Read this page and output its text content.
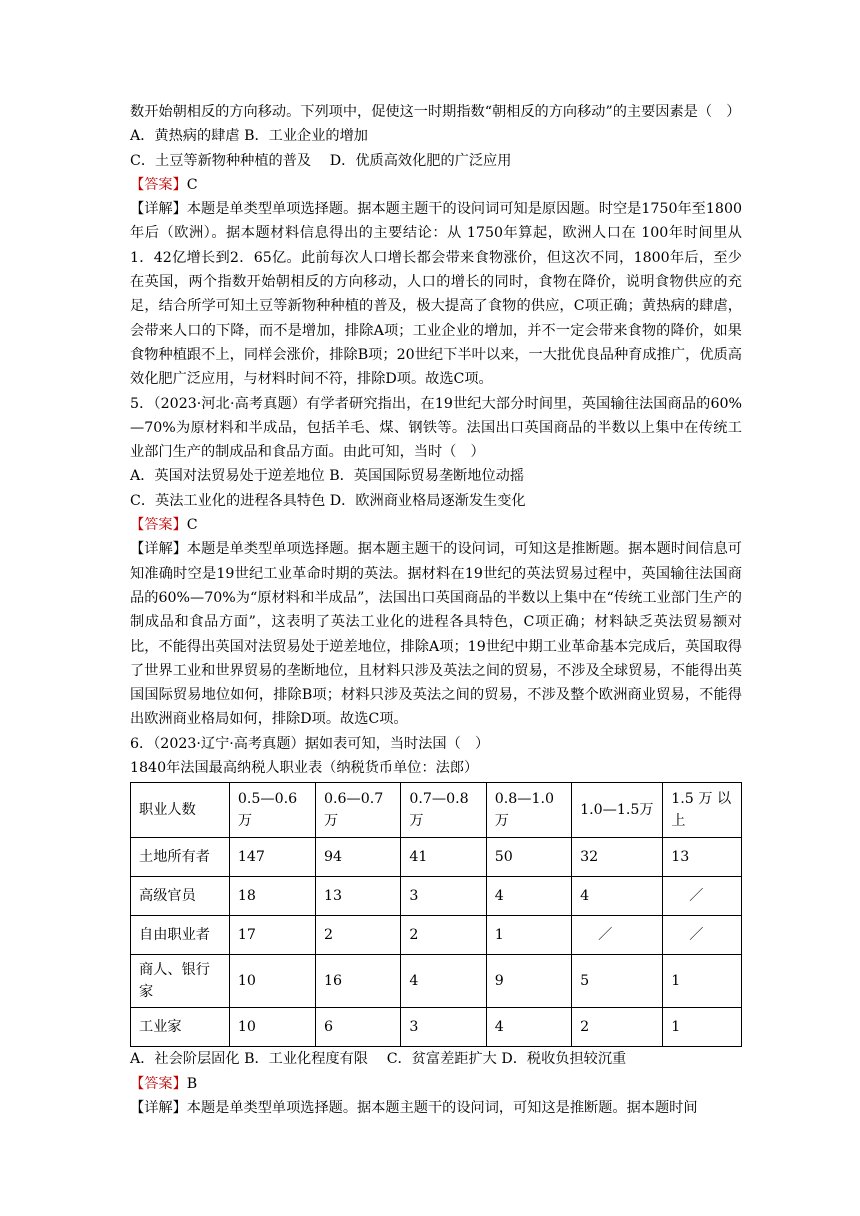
数开始朝相反的方向移动。下列项中，促使这一时期指数“朝相反的方向移动”的主要因素是（　）

A．黄热病的肆虐 B．工业企业的增加

C．土豆等新物种种植的普及　 D．优质高效化肥的广泛应用

【答案】C

【详解】本题是单类型单项选择题。据本题主题干的设问词可知是原因题。时空是1750年至1800年后（欧洲）。据本题材料信息得出的主要结论：从 1750年算起，欧洲人口在 100年时间里从1．42亿增长到2．65亿。此前每次人口增长都会带来食物涨价，但这次不同，1800年后，至少在英国，两个指数开始朝相反的方向移动，人口的增长的同时，食物在降价，说明食物供应的充足，结合所学可知土豆等新物种种植的普及，极大提高了食物的供应，C项正确；黄热病的肆虐，会带来人口的下降，而不是增加，排除A项；工业企业的增加，并不一定会带来食物的降价，如果食物种植跟不上，同样会涨价，排除B项；20世纪下半叶以来，一大批优良品种育成推广，优质高效化肥广泛应用，与材料时间不符，排除D项。故选C项。

5．（2023·河北·高考真题）有学者研究指出，在19世纪大部分时间里，英国输往法国商品的60%—70%为原材料和半成品，包括羊毛、煤、钢铁等。法国出口英国商品的半数以上集中在传统工业部门生产的制成品和食品方面。由此可知，当时（　）

A．英国对法贸易处于逆差地位 B．英国国际贸易垄断地位动摇

C．英法工业化的进程各具特色 D．欧洲商业格局逐渐发生变化

【答案】C

【详解】本题是单类型单项选择题。据本题主题干的设问词，可知这是推断题。据本题时间信息可知准确时空是19世纪工业革命时期的英法。据材料在19世纪的英法贸易过程中，英国输往法国商品的60%—70%为“原材料和半成品”，法国出口英国商品的半数以上集中在“传统工业部门生产的制成品和食品方面”，这表明了英法工业化的进程各具特色，C项正确；材料缺乏英法贸易额对比，不能得出英国对法贸易处于逆差地位，排除A项；19世纪中期工业革命基本完成后，英国取得了世界工业和世界贸易的垄断地位，且材料只涉及英法之间的贸易，不涉及全球贸易，不能得出英国国际贸易地位如何，排除B项；材料只涉及英法之间的贸易，不涉及整个欧洲商业贸易，不能得出欧洲商业格局如何，排除D项。故选C项。

6．（2023·辽宁·高考真题）据如表可知，当时法国（　）

1840年法国最高纳税人职业表（纳税货币单位：法郎）

职业人数	0.5—0.6万	0.6—0.7万	0.7—0.8万	0.8—1.0万	1.0—1.5万	1.5 万 以上
土地所有者	147	94	41	50	32	13
高级官员	18	13	3	4	4	／
自由职业者	17	2	2	1	／	／
商人、银行家	10	16	4	9	5	1
工业家	10	6	3	4	2	1

A．社会阶层固化 B．工业化程度有限　 C．贫富差距扩大 D．税收负担较沉重

【答案】B

【详解】本题是单类型单项选择题。据本题主题干的设问词，可知这是推断题。据本题时间
